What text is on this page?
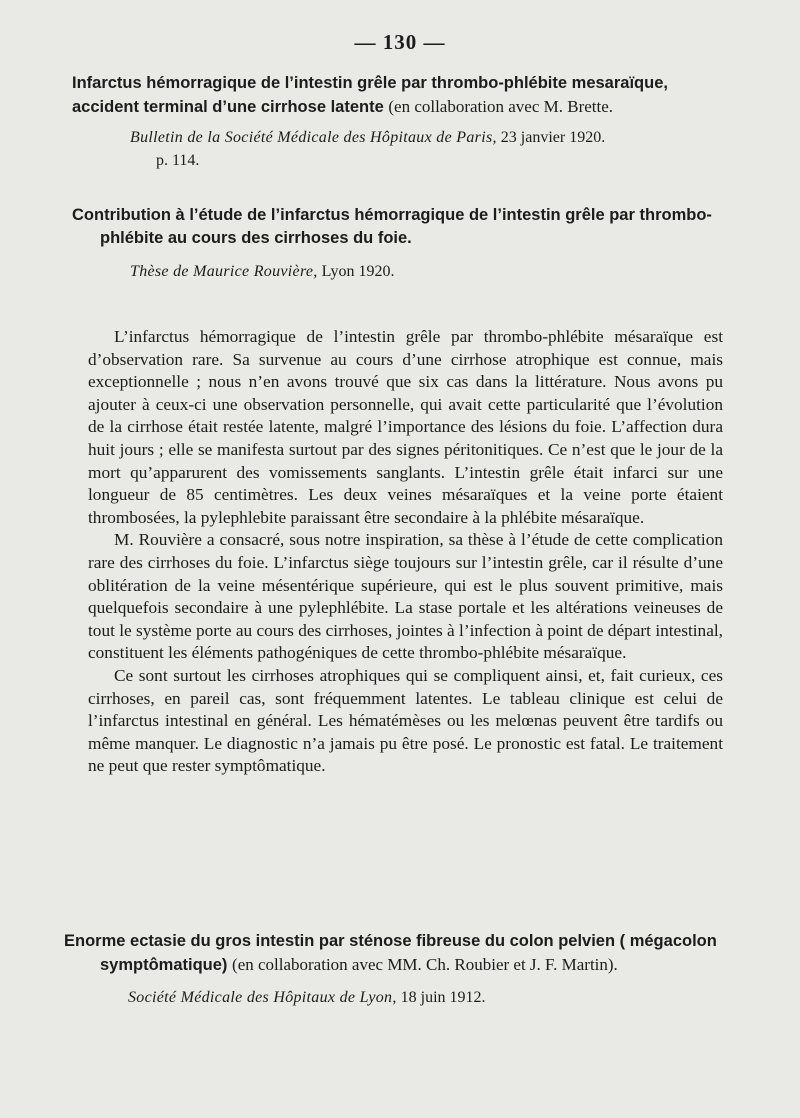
— 130 —
Infarctus hémorragique de l’intestin grêle par thrombo-phlébite mesaraïque, accident terminal d’une cirrhose latente (en collaboration avec M. Brette.
Bulletin de la Société Médicale des Hôpitaux de Paris, 23 janvier 1920.
p. 114.
Contribution à l’étude de l’infarctus hémorragique de l’intestin grêle par thrombo-
phlébite au cours des cirrhoses du foie.
Thèse de Maurice Rouvière, Lyon 1920.

L’infarctus hémorragique de l’intestin grêle par thrombo-phlébite mésaraïque est d’observation rare. Sa survenue au cours d’une cirrhose atrophique est connue, mais exceptionnelle ; nous n’en avons trouvé que six cas dans la littérature. Nous avons pu ajouter à ceux-ci une observation personnelle, qui avait cette particularité que l’évolution de la cirrhose était restée latente, malgré l’importance des lésions du foie. L’affection dura huit jours ; elle se manifesta surtout par des signes péritonitiques. Ce n’est que le jour de la mort qu’apparurent des vomissements sanglants. L’intestin grêle était infarci sur une longueur de 85 centimètres. Les deux veines mésaraïques et la veine porte étaient thrombosées, la pylephlebite paraissant être secondaire à la phlébite mésaraïque.

M. Rouvière a consacré, sous notre inspiration, sa thèse à l’étude de cette complication rare des cirrhoses du foie. L’infarctus siège toujours sur l’intestin grêle, car il résulte d’une oblitération de la veine mésentérique supérieure, qui est le plus souvent primitive, mais quelquefois secondaire à une pylephlébite. La stase portale et les altérations veineuses de tout le système porte au cours des cirrhoses, jointes à l’infection à point de départ intestinal, constituent les éléments pathogéniques de cette thrombo-phlébite mésaraïque.

Ce sont surtout les cirrhoses atrophiques qui se compliquent ainsi, et, fait curieux, ces cirrhoses, en pareil cas, sont fréquemment latentes. Le tableau clinique est celui de l’infarctus intestinal en général. Les hématémèses ou les melœnas peuvent être tardifs ou même manquer. Le diagnostic n’a jamais pu être posé. Le pronostic est fatal. Le traitement ne peut que rester symptômatique.

Enorme ectasie du gros intestin par sténose fibreuse du colon pelvien ( mégacolon
symptômatique) (en collaboration avec MM. Ch. Roubier et J. F. Martin).
Société Médicale des Hôpitaux de Lyon, 18 juin 1912.
